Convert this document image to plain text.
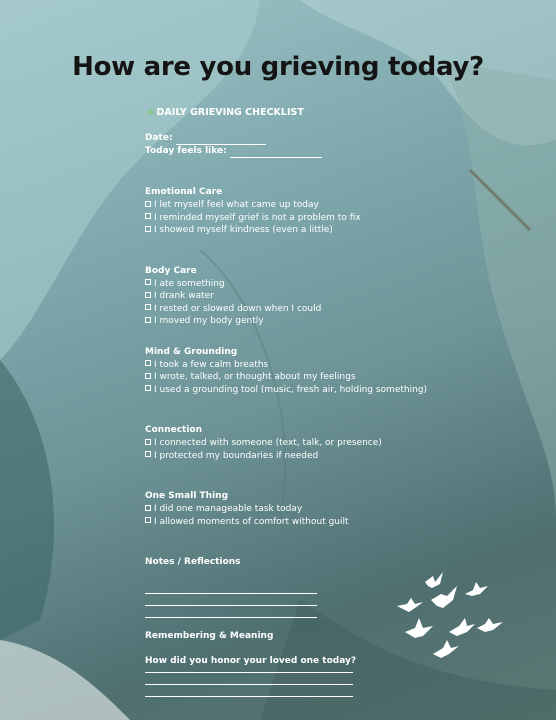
How are you grieving today?
❀ DAILY GRIEVING CHECKLIST
Date:
Today feels like:
Emotional Care
I let myself feel what came up today
I reminded myself grief is not a problem to fix
I showed myself kindness (even a little)
Body Care
I ate something
I drank water
I rested or slowed down when I could
I moved my body gently
Mind & Grounding
I took a few calm breaths
I wrote, talked, or thought about my feelings
I used a grounding tool (music, fresh air, holding something)
Connection
I connected with someone (text, talk, or presence)
I protected my boundaries if needed
One Small Thing
I did one manageable task today
I allowed moments of comfort without guilt
Notes / Reflections
Remembering & Meaning
How did you honor your loved one today?
